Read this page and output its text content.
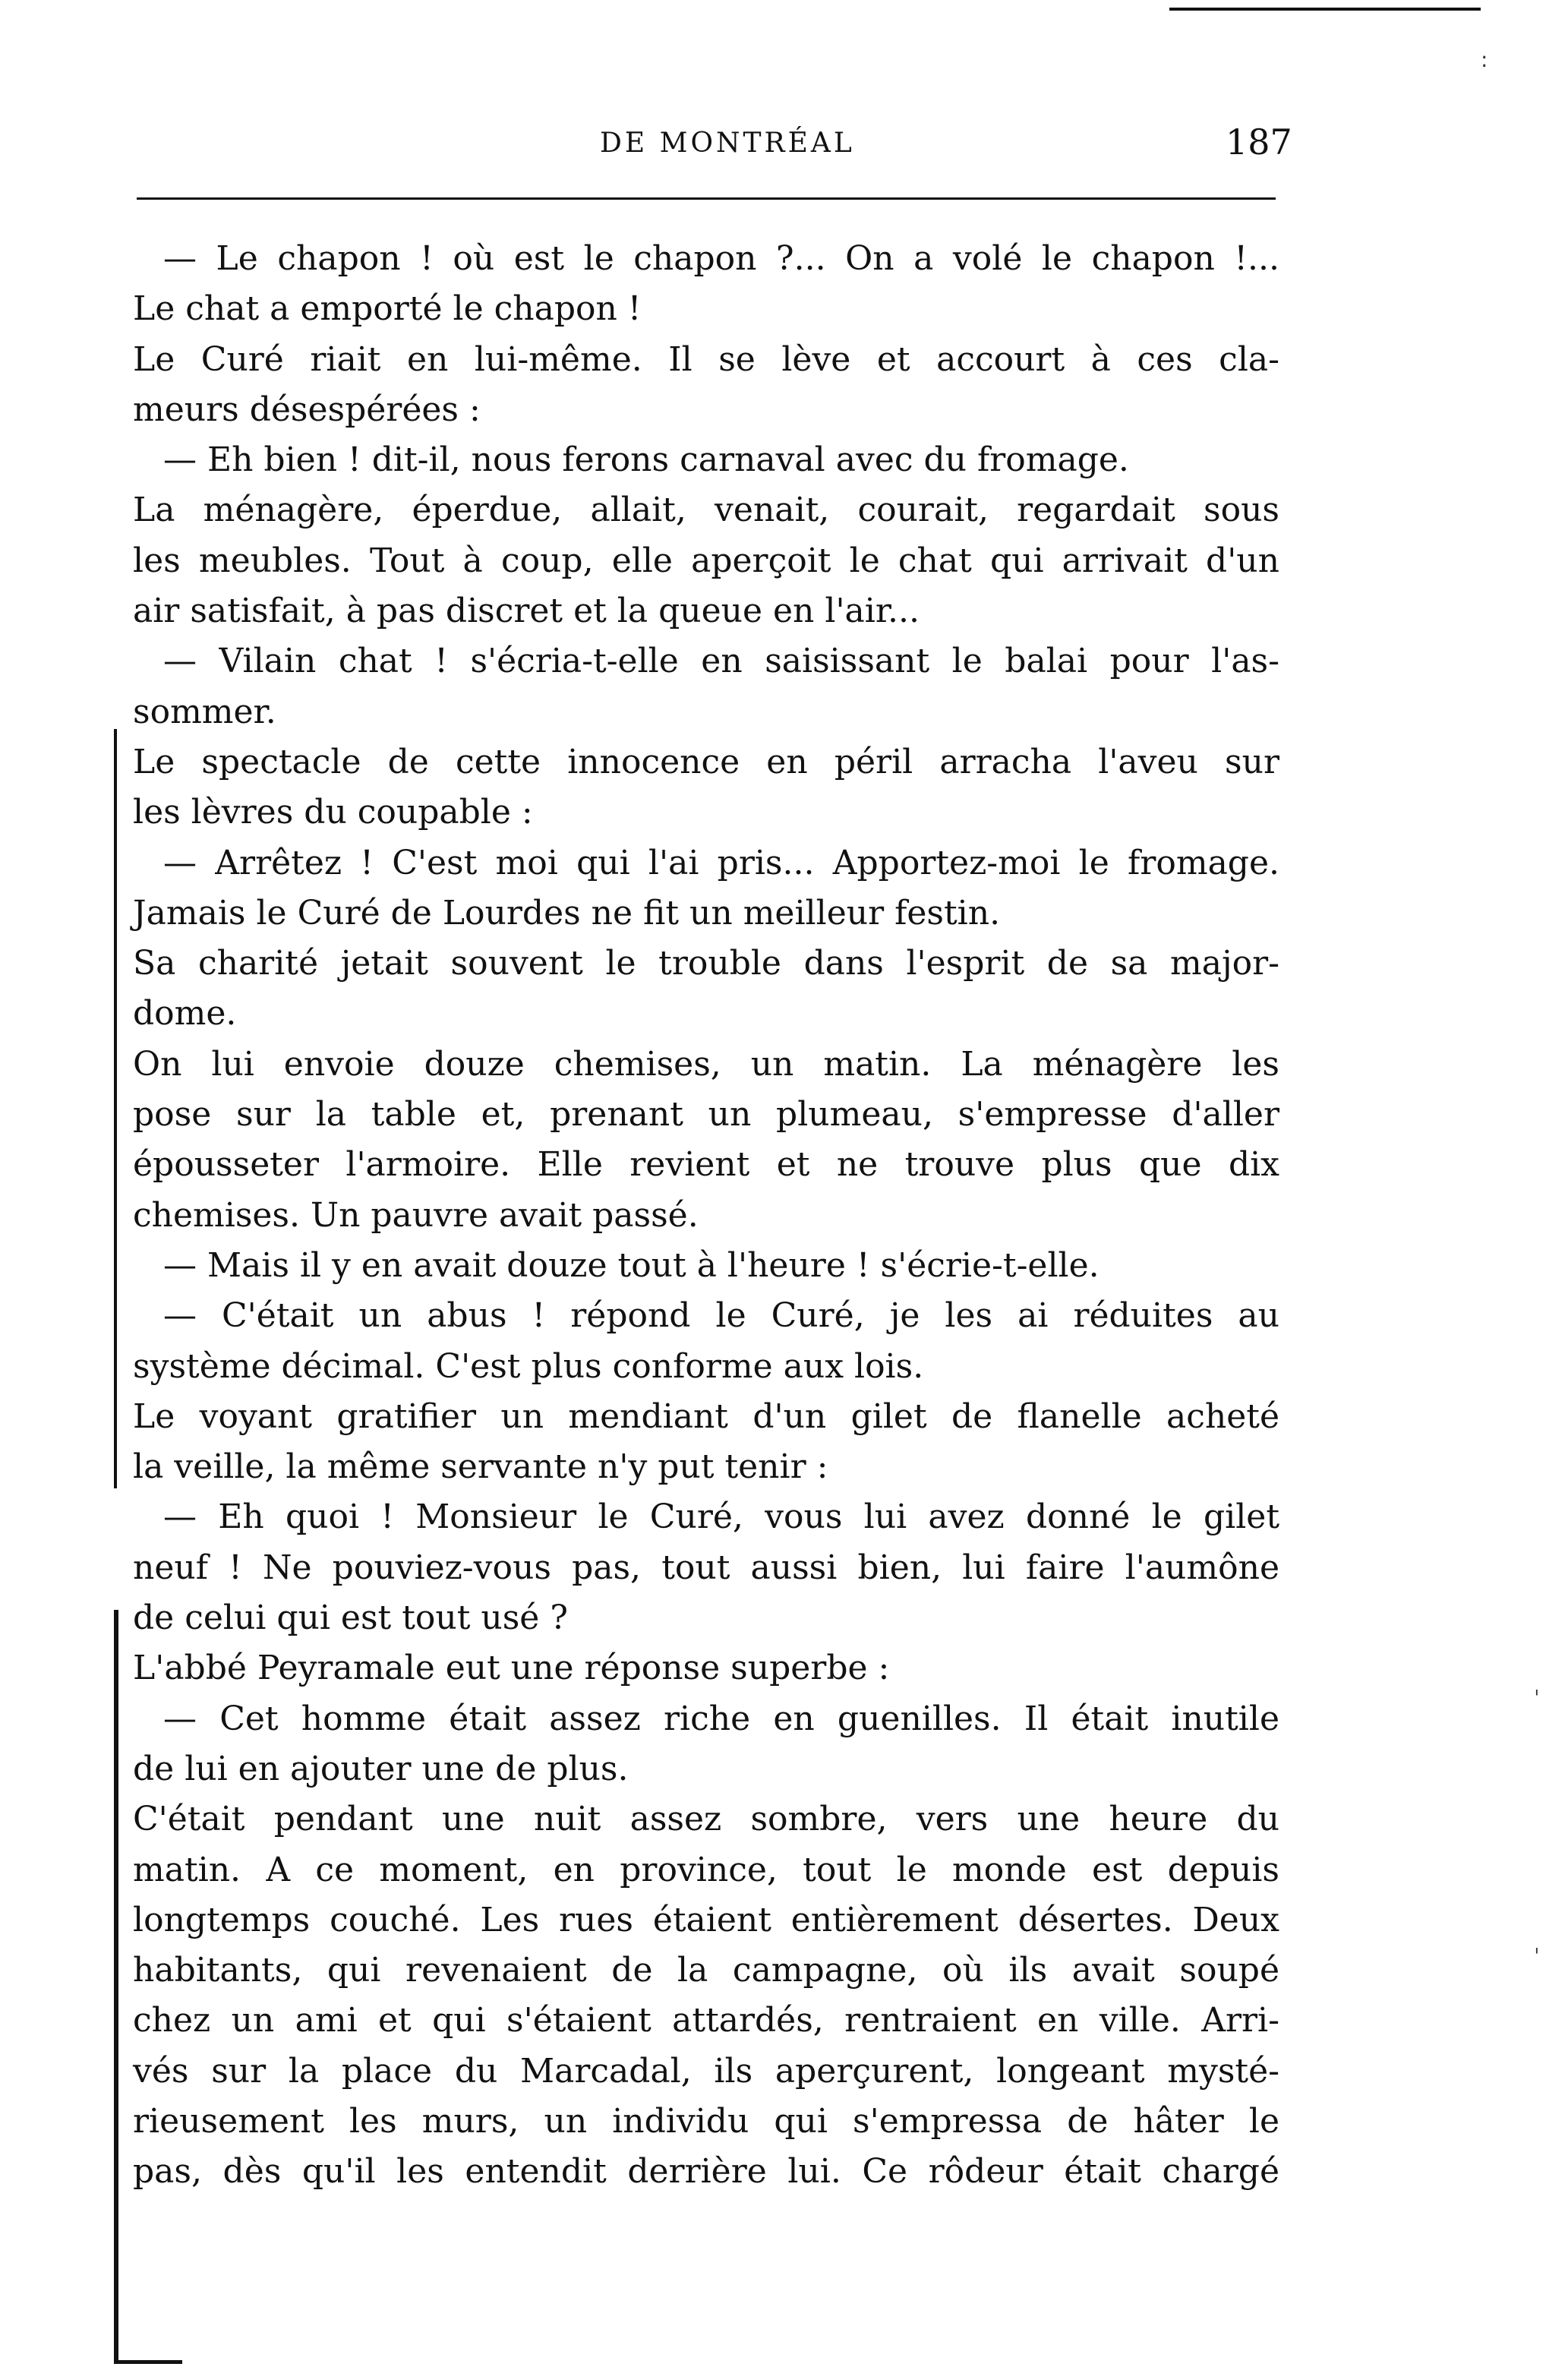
:
ˈ
ˈ
DE MONTRÉAL	187
— Le chapon ! où est le chapon ?... On a volé le chapon !...
Le chat a emporté le chapon !
Le Curé riait en lui-même. Il se lève et accourt à ces cla-
meurs désespérées :
— Eh bien ! dit-il, nous ferons carnaval avec du fromage.
La ménagère, éperdue, allait, venait, courait, regardait sous
les meubles. Tout à coup, elle aperçoit le chat qui arrivait d'un
air satisfait, à pas discret et la queue en l'air...
— Vilain chat ! s'écria-t-elle en saisissant le balai pour l'as-
sommer.
Le spectacle de cette innocence en péril arracha l'aveu sur
les lèvres du coupable :
— Arrêtez ! C'est moi qui l'ai pris... Apportez-moi le fromage.
Jamais le Curé de Lourdes ne fit un meilleur festin.
Sa charité jetait souvent le trouble dans l'esprit de sa major-
dome.
On lui envoie douze chemises, un matin. La ménagère les
pose sur la table et, prenant un plumeau, s'empresse d'aller
épousseter l'armoire. Elle revient et ne trouve plus que dix
chemises. Un pauvre avait passé.
— Mais il y en avait douze tout à l'heure ! s'écrie-t-elle.
— C'était un abus ! répond le Curé, je les ai réduites au
système décimal. C'est plus conforme aux lois.
Le voyant gratifier un mendiant d'un gilet de flanelle acheté
la veille, la même servante n'y put tenir :
— Eh quoi ! Monsieur le Curé, vous lui avez donné le gilet
neuf ! Ne pouviez-vous pas, tout aussi bien, lui faire l'aumône
de celui qui est tout usé ?
L'abbé Peyramale eut une réponse superbe :
— Cet homme était assez riche en guenilles. Il était inutile
de lui en ajouter une de plus.
C'était pendant une nuit assez sombre, vers une heure du
matin. A ce moment, en province, tout le monde est depuis
longtemps couché. Les rues étaient entièrement désertes. Deux
habitants, qui revenaient de la campagne, où ils avait soupé
chez un ami et qui s'étaient attardés, rentraient en ville. Arri-
vés sur la place du Marcadal, ils aperçurent, longeant mysté-
rieusement les murs, un individu qui s'empressa de hâter le
pas, dès qu'il les entendit derrière lui. Ce rôdeur était chargé
